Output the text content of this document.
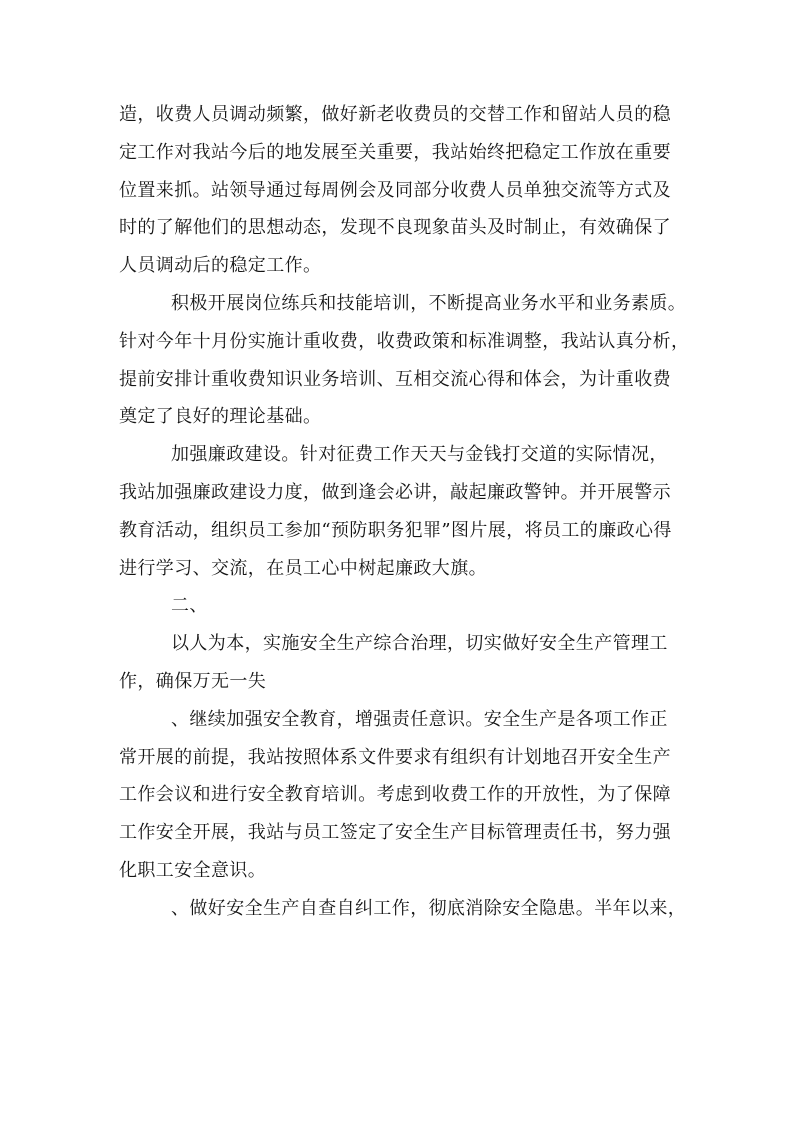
造，收费人员调动频繁，做好新老收费员的交替工作和留站人员的稳
定工作对我站今后的地发展至关重要，我站始终把稳定工作放在重要
位置来抓。站领导通过每周例会及同部分收费人员单独交流等方式及
时的了解他们的思想动态，发现不良现象苗头及时制止，有效确保了
人员调动后的稳定工作。
积极开展岗位练兵和技能培训，不断提高业务水平和业务素质。
针对今年十月份实施计重收费，收费政策和标准调整，我站认真分析，
提前安排计重收费知识业务培训、互相交流心得和体会，为计重收费
奠定了良好的理论基础。
加强廉政建设。针对征费工作天天与金钱打交道的实际情况，
我站加强廉政建设力度，做到逢会必讲，敲起廉政警钟。并开展警示
教育活动，组织员工参加“预防职务犯罪”图片展，将员工的廉政心得
进行学习、交流，在员工心中树起廉政大旗。
二、
以人为本，实施安全生产综合治理，切实做好安全生产管理工
作，确保万无一失
、继续加强安全教育，增强责任意识。安全生产是各项工作正
常开展的前提，我站按照体系文件要求有组织有计划地召开安全生产
工作会议和进行安全教育培训。考虑到收费工作的开放性，为了保障
工作安全开展，我站与员工签定了安全生产目标管理责任书，努力强
化职工安全意识。
、做好安全生产自查自纠工作，彻底消除安全隐患。半年以来，
